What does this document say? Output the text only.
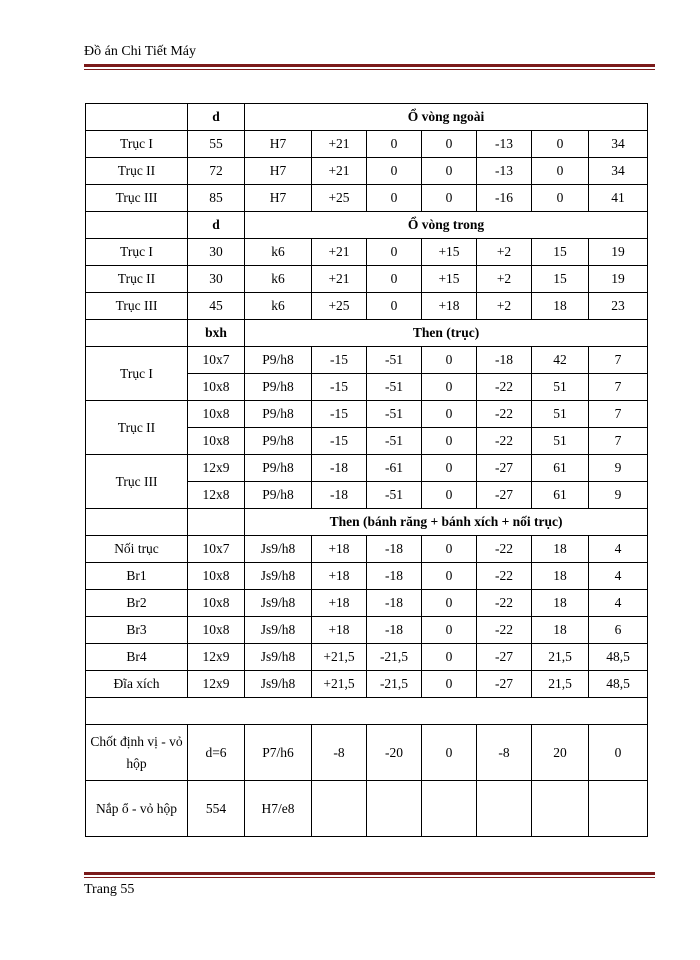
Đồ án Chi Tiết Máy
	d	Ổ vòng ngoài						
Trục I	55	H7	+21	0	0	-13	0	34
Trục II	72	H7	+21	0	0	-13	0	34
Trục III	85	H7	+25	0	0	-16	0	41
	d	Ổ vòng trong						
Trục I	30	k6	+21	0	+15	+2	15	19
Trục II	30	k6	+21	0	+15	+2	15	19
Trục III	45	k6	+25	0	+18	+2	18	23
	bxh	Then (trục)						
Trục I	10x7	P9/h8	-15	-51	0	-18	42	7
	10x8	P9/h8	-15	-51	0	-22	51	7
Trục II	10x8	P9/h8	-15	-51	0	-22	51	7
	10x8	P9/h8	-15	-51	0	-22	51	7
Trục III	12x9	P9/h8	-18	-61	0	-27	61	9
	12x8	P9/h8	-18	-51	0	-27	61	9
		Then (bánh răng + bánh xích + nối trục)						
Nối trục	10x7	Js9/h8	+18	-18	0	-22	18	4
Br1	10x8	Js9/h8	+18	-18	0	-22	18	4
Br2	10x8	Js9/h8	+18	-18	0	-22	18	4
Br3	10x8	Js9/h8	+18	-18	0	-22	18	6
Br4	12x9	Js9/h8	+21,5	-21,5	0	-27	21,5	48,5
Đĩa xích	12x9	Js9/h8	+21,5	-21,5	0	-27	21,5	48,5

Chốt định vị - vỏ hộp	d=6	P7/h6	-8	-20	0	-8	20	0
Nắp ổ - vỏ hộp	554	H7/e8						
Trang 55
